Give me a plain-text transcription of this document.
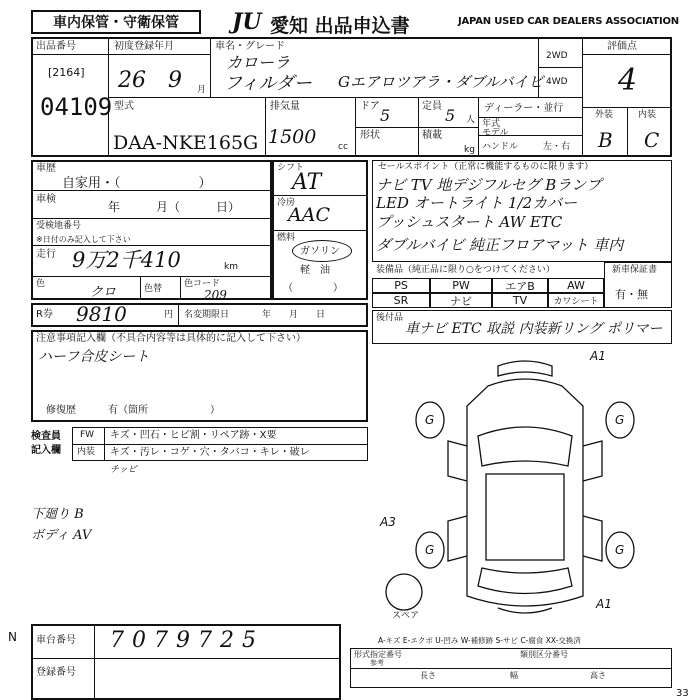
車内保管・守衛保管 JU 愛知 出品申込書	JAPAN USED CAR DEALERS ASSOCIATION
出品番号
[2164]
04109
初度登録年月
26 9 月
車名・グレード
カローラ
フィルダー Gエアロツアラ・ダブルバイビ
2WD
4WD
評価点
4
外装	内装
B C
型式
DAA-NKE165G
排気量
1500 cc
ドア 5
形状
定員 5 人
積載
kg
ディーラー・並行
年式
モデル
ハンドル	左・右
車歴
自家用・（　　　　　　）
車検
年　　　月（　　　日）
受検地番号
※日付のみ記入して下さい
走行 9万2千410	km
色
クロ	色替 色コード
209
シフト
AT
冷房
AAC
燃料
ガソリン
軽　油
（　　　　）
R券 9810	円 名変期限日	年　　月　　日
セールスポイント（正常に機能するものに限ります）
ナビ TV 地デジフルセグ Bランプ
LED オートライト 1/2カバー
プッシュスタート AW ETC
ダブルバイビ 純正フロアマット 車内
装備品（純正品に限り○をつけてください）
PS	PW	エアB	AW
SR	ナビ	TV	カワシート
新車保証書
有・無
後付品
車ナビ ETC 取説 内装新リング ポリマー
注意事項記入欄（不具合内容等は具体的に記入して下さい）
ハーフ合皮シート
修復歴	有（箇所	）
検査員
記入欄
FW キズ・凹石・ヒビ割・リペア跡・X要
内装 キズ・汚レ・コゲ・穴・タバコ・キレ・破レ
チッピ
下廻り B
ボディ AV
G	G
G	G
A1
A3
A1
スペア
A-キズ E-エクボ U-凹み W-補修跡 S-サビ C-腐食 XX-交換済
N 車台番号 7079725
登録番号
形式指定番号
参考
類別区分番号
長さ	幅	高さ
33
